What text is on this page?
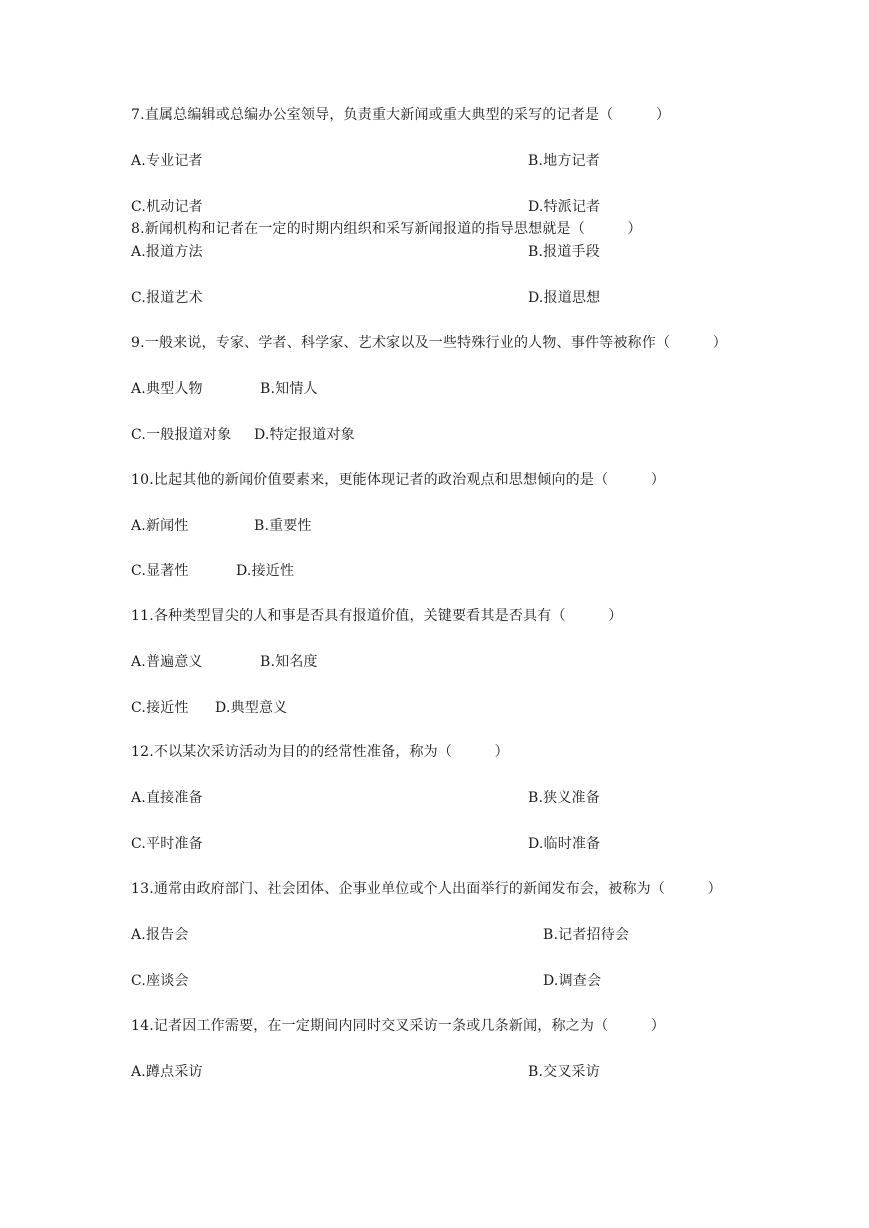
7.直属总编辑或总编办公室领导，负责重大新闻或重大典型的采写的记者是（　　　）
A.专业记者	B.地方记者
C.机动记者	D.特派记者
8.新闻机构和记者在一定的时期内组织和采写新闻报道的指导思想就是（　　　）
A.报道方法	B.报道手段
C.报道艺术	D.报道思想
9.一般来说，专家、学者、科学家、艺术家以及一些特殊行业的人物、事件等被称作（　　　）
A.典型人物	B.知情人
C.一般报道对象 D.特定报道对象
10.比起其他的新闻价值要素来，更能体现记者的政治观点和思想倾向的是（　　　）
A.新闻性	B.重要性
C.显著性	D.接近性
11.各种类型冒尖的人和事是否具有报道价值，关键要看其是否具有（　　　）
A.普遍意义	B.知名度
C.接近性 D.典型意义
12.不以某次采访活动为目的的经常性准备，称为（　　　）
A.直接准备	B.狭义准备
C.平时准备	D.临时准备
13.通常由政府部门、社会团体、企事业单位或个人出面举行的新闻发布会，被称为（　　　）
A.报告会	B.记者招待会
C.座谈会	D.调查会
14.记者因工作需要，在一定期间内同时交叉采访一条或几条新闻，称之为（　　　）
A.蹲点采访	B.交叉采访
